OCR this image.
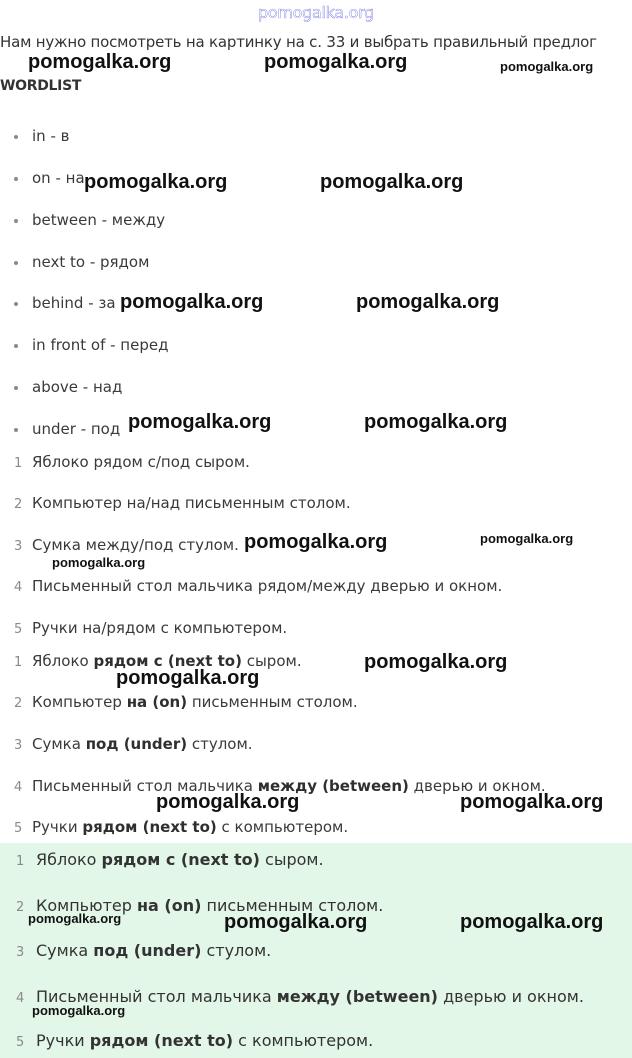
pomogalka.org
Нам нужно посмотреть на картинку на с. 33 и выбрать правильный предлог
WORDLIST
in - в
on - на
between - между
next to - рядом
behind - за
in front of - перед
above - над
under - под
1 Яблоко рядом с/под сыром.
2 Компьютер на/над письменным столом.
3 Сумка между/под стулом.
4 Письменный стол мальчика рядом/между дверью и окном.
5 Ручки на/рядом с компьютером.
1 Яблоко рядом с (next to) сыром.
2 Компьютер на (on) письменным столом.
3 Сумка под (under) стулом.
4 Письменный стол мальчика между (between) дверью и окном.
5 Ручки рядом (next to) с компьютером.
1 Яблоко рядом с (next to) сыром.
2 Компьютер на (on) письменным столом.
3 Сумка под (under) стулом.
4 Письменный стол мальчика между (between) дверью и окном.
5 Ручки рядом (next to) с компьютером.
pomogalka.org	pomogalka.org	pomogalka.org
pomogalka.org	pomogalka.org
pomogalka.org	pomogalka.org
pomogalka.org	pomogalka.org
pomogalka.org	pomogalka.org
pomogalka.org
pomogalka.org
pomogalka.org
pomogalka.org	pomogalka.org
pomogalka.org	pomogalka.org	pomogalka.org
pomogalka.org
